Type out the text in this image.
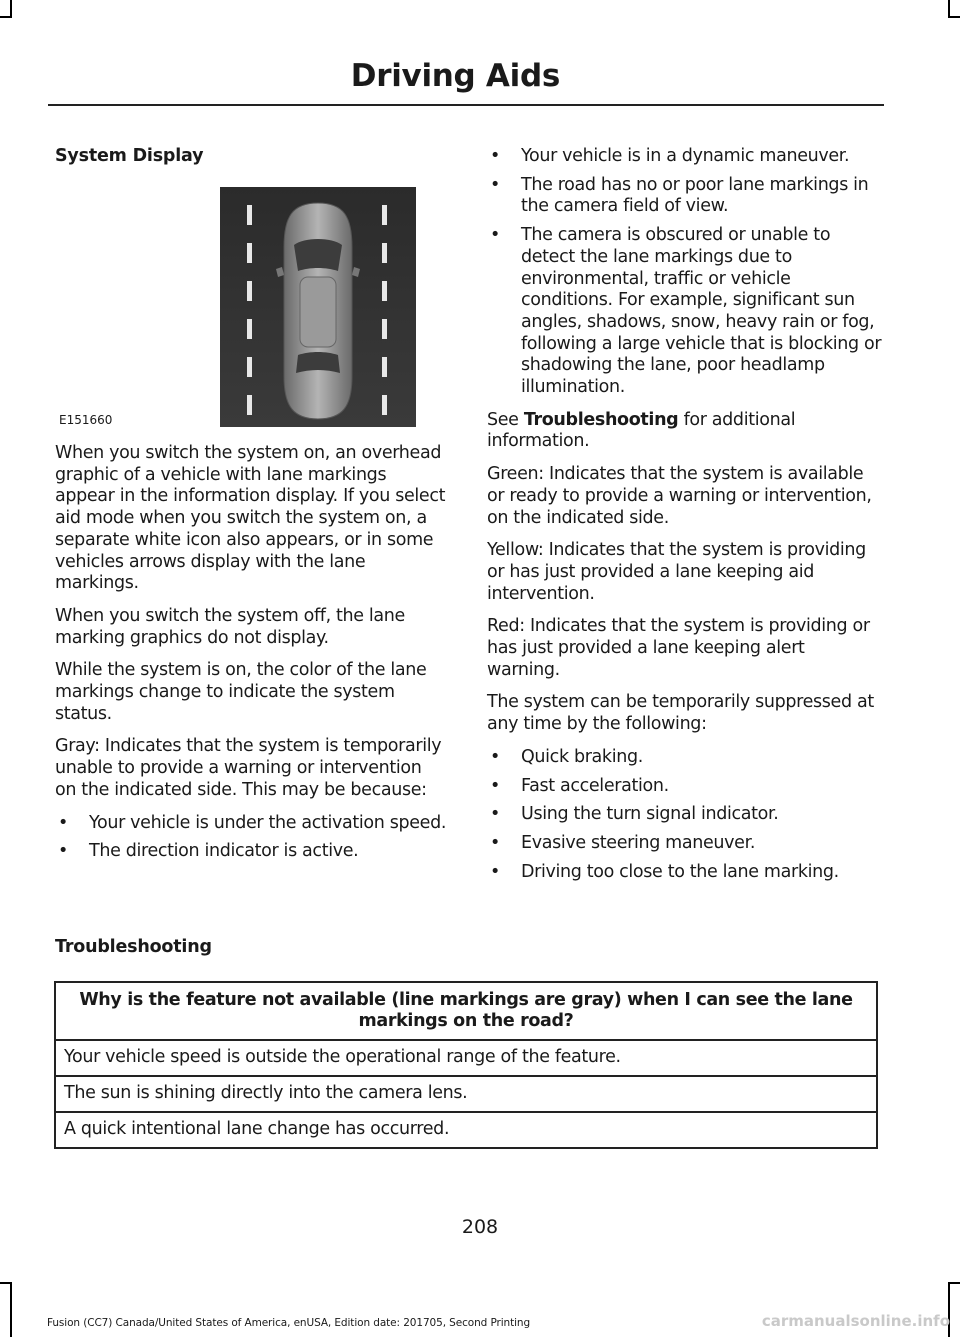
Driving Aids
System Display
E151660

When you switch the system on, an overhead graphic of a vehicle with lane markings appear in the information display. If you select aid mode when you switch the system on, a separate white icon also appears, or in some vehicles arrows display with the lane markings.

When you switch the system off, the lane marking graphics do not display.

While the system is on, the color of the lane markings change to indicate the system status.

Gray: Indicates that the system is temporarily unable to provide a warning or intervention on the indicated side. This may be because:

• Your vehicle is under the activation speed.
• The direction indicator is active.
• Your vehicle is in a dynamic maneuver.
• The road has no or poor lane markings in the camera field of view.
• The camera is obscured or unable to detect the lane markings due to environmental, traffic or vehicle conditions. For example, significant sun angles, shadows, snow, heavy rain or fog, following a large vehicle that is blocking or shadowing the lane, poor headlamp illumination.

See Troubleshooting for additional information.

Green: Indicates that the system is available or ready to provide a warning or intervention, on the indicated side.

Yellow: Indicates that the system is providing or has just provided a lane keeping aid intervention.

Red: Indicates that the system is providing or has just provided a lane keeping alert warning.

The system can be temporarily suppressed at any time by the following:

• Quick braking.
• Fast acceleration.
• Using the turn signal indicator.
• Evasive steering maneuver.
• Driving too close to the lane marking.
Troubleshooting
Why is the feature not available (line markings are gray) when I can see the lane markings on the road?
Your vehicle speed is outside the operational range of the feature.
The sun is shining directly into the camera lens.
A quick intentional lane change has occurred.
208
Fusion (CC7) Canada/United States of America, enUSA, Edition date: 201705, Second Printing	carmanualsonline.info
